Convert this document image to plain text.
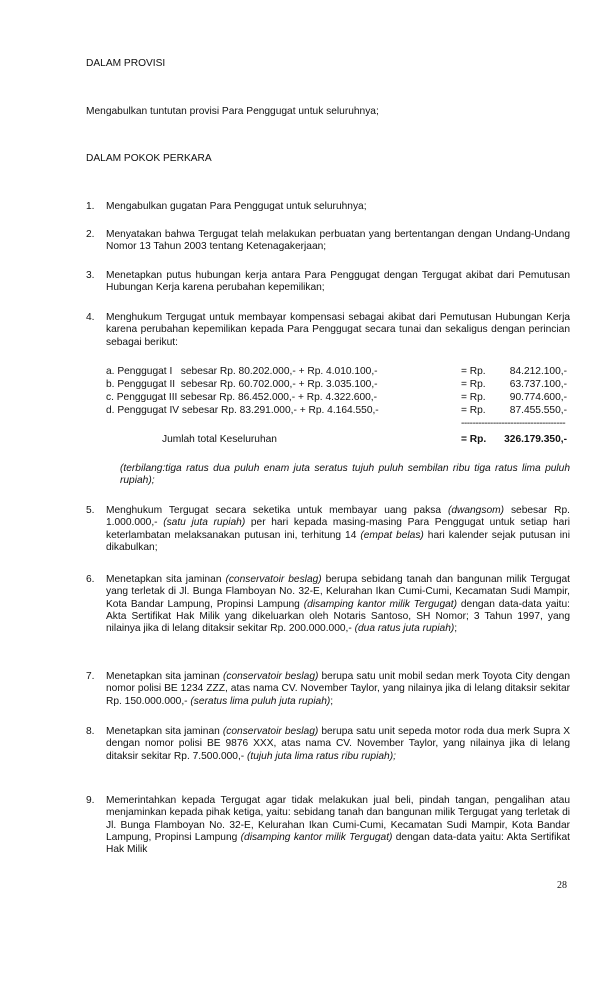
DALAM PROVISI
Mengabulkan tuntutan provisi Para Penggugat untuk seluruhnya;
DALAM POKOK PERKARA
1.	Mengabulkan gugatan Para Penggugat untuk seluruhnya;
2.	Menyatakan bahwa Tergugat telah melakukan perbuatan yang bertentangan dengan Undang-Undang Nomor 13 Tahun 2003 tentang Ketenagakerjaan;
3.	Menetapkan putus hubungan kerja antara Para Penggugat dengan Tergugat akibat dari Pemutusan Hubungan Kerja karena perubahan kepemilikan;
4.	Menghukum Tergugat untuk membayar kompensasi sebagai akibat dari Pemutusan Hubungan Kerja karena perubahan kepemilikan kepada Para Penggugat secara tunai dan sekaligus dengan perincian sebagai berikut:
a. Penggugat I   sebesar Rp. 80.202.000,- + Rp. 4.010.100,-	= Rp. 84.212.100,-
b. Penggugat II  sebesar Rp. 60.702.000,- + Rp. 3.035.100,-	= Rp. 63.737.100,-
c. Penggugat III sebesar Rp. 86.452.000,- + Rp. 4.322.600,-	= Rp. 90.774.600,-
d. Penggugat IV sebesar Rp. 83.291.000,- + Rp. 4.164.550,-	= Rp. 87.455.550,-
------------------------------------
Jumlah total Keseluruhan	= Rp. 326.179.350,-
(terbilang:tiga ratus dua puluh enam juta seratus tujuh puluh sembilan ribu tiga ratus lima puluh rupiah);
5.	Menghukum Tergugat secara seketika untuk membayar uang paksa (dwangsom) sebesar Rp. 1.000.000,- (satu juta rupiah) per hari kepada masing-masing Para Penggugat untuk setiap hari keterlambatan melaksanakan putusan ini, terhitung 14 (empat belas) hari kalender sejak putusan ini dikabulkan;
6.	Menetapkan sita jaminan (conservatoir beslag) berupa sebidang tanah dan bangunan milik Tergugat yang terletak di Jl. Bunga Flamboyan No. 32-E, Kelurahan Ikan Cumi-Cumi, Kecamatan Sudi Mampir, Kota Bandar Lampung, Propinsi Lampung (disamping kantor milik Tergugat) dengan data-data yaitu: Akta Sertifikat Hak Milik yang dikeluarkan oleh Notaris Santoso, SH Nomor; 3 Tahun 1997, yang nilainya jika di lelang ditaksir sekitar Rp. 200.000.000,- (dua ratus juta rupiah);
7.	Menetapkan sita jaminan (conservatoir beslag) berupa satu unit mobil sedan merk Toyota City dengan nomor polisi BE 1234 ZZZ, atas nama CV. November Taylor, yang nilainya jika di lelang ditaksir sekitar Rp. 150.000.000,- (seratus lima puluh juta rupiah);
8.	Menetapkan sita jaminan (conservatoir beslag) berupa satu unit sepeda motor roda dua merk Supra X dengan nomor polisi BE 9876 XXX, atas nama CV. November Taylor, yang nilainya jika di lelang ditaksir sekitar Rp. 7.500.000,- (tujuh juta lima ratus ribu rupiah);
9.	Memerintahkan kepada Tergugat agar tidak melakukan jual beli, pindah tangan, pengalihan atau menjaminkan kepada pihak ketiga, yaitu: sebidang tanah dan bangunan milik Tergugat yang terletak di Jl. Bunga Flamboyan No. 32-E, Kelurahan Ikan Cumi-Cumi, Kecamatan Sudi Mampir, Kota Bandar Lampung, Propinsi Lampung (disamping kantor milik Tergugat) dengan data-data yaitu: Akta Sertifikat Hak Milik
28
